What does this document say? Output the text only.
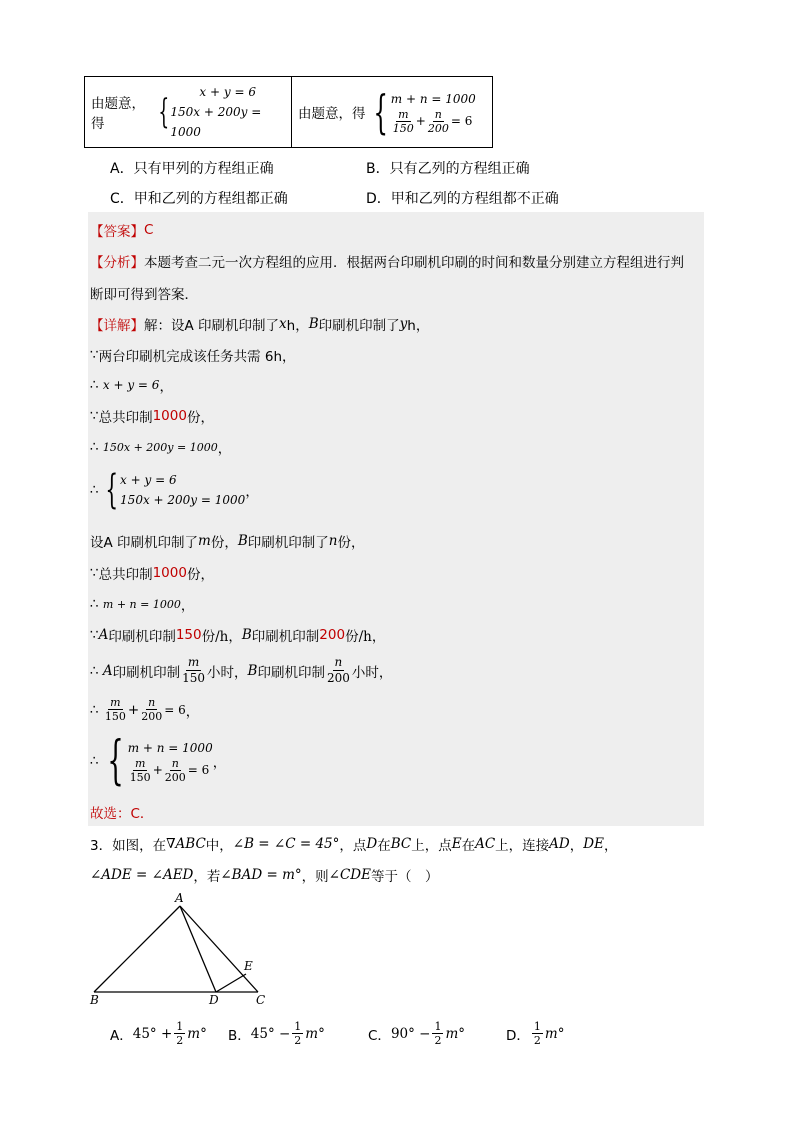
由题意，得	{	x + y = 6
150x + 200y = 1000

由题意，得 { m + n = 1000
$\frac{m}{150} + \frac{n}{200} = 6$
A．只有甲列的方程组正确	B．只有乙列的方程组正确
C．甲和乙列的方程组都正确	D．甲和乙列的方程组都不正确
【答案】 C
【分析】 本题考查二元一次方程组的应用．根据两台印刷机印刷的时间和数量分别建立方程组进行判
断即可得到答案．
【详解】 解：设A 印刷机印制了 x h， B 印刷机印制了 y h，
∵ 两台印刷机完成该任务共需 6h，
∴
x + y = 6 ，
∵ 总共印制 1000 份，
∴
150x + 200y = 1000 ，
∴ { x + y = 6
150x + 200y = 1000 ，
设A 印刷机印制了 m 份， B 印刷机印制了 n 份，
∵ 总共印制 1000 份，
∴
m + n = 1000 ，
∵ A 印刷机印制 150 份 /h， B 印刷机印制 200 份 /h，
∴
A 印刷机印制 $\frac{m}{150}$ 小时， B 印刷机印制 $\frac{n}{200}$ 小时，
∴
$\frac{m}{150} + \frac{n}{200} = 6$ ，
∴ { m + n = 1000
$\frac{m}{150} + \frac{n}{200} = 6$ ，
故选：C．
3．如图，在 ∇ABC 中， ∠B = ∠C = 45° ，点 D 在 BC 上，点 E 在 AC 上，连接 AD ， DE ，
∠ADE = ∠AED ，若 ∠BAD = m° ，则 ∠CDE 等于（　）
A
B	C
D
E
A． $45^\circ + \frac{1}{2} m^\circ$ B． $45^\circ - \frac{1}{2} m^\circ$	C． $90^\circ - \frac{1}{2} m^\circ$	D． $\frac{1}{2} m^\circ$
